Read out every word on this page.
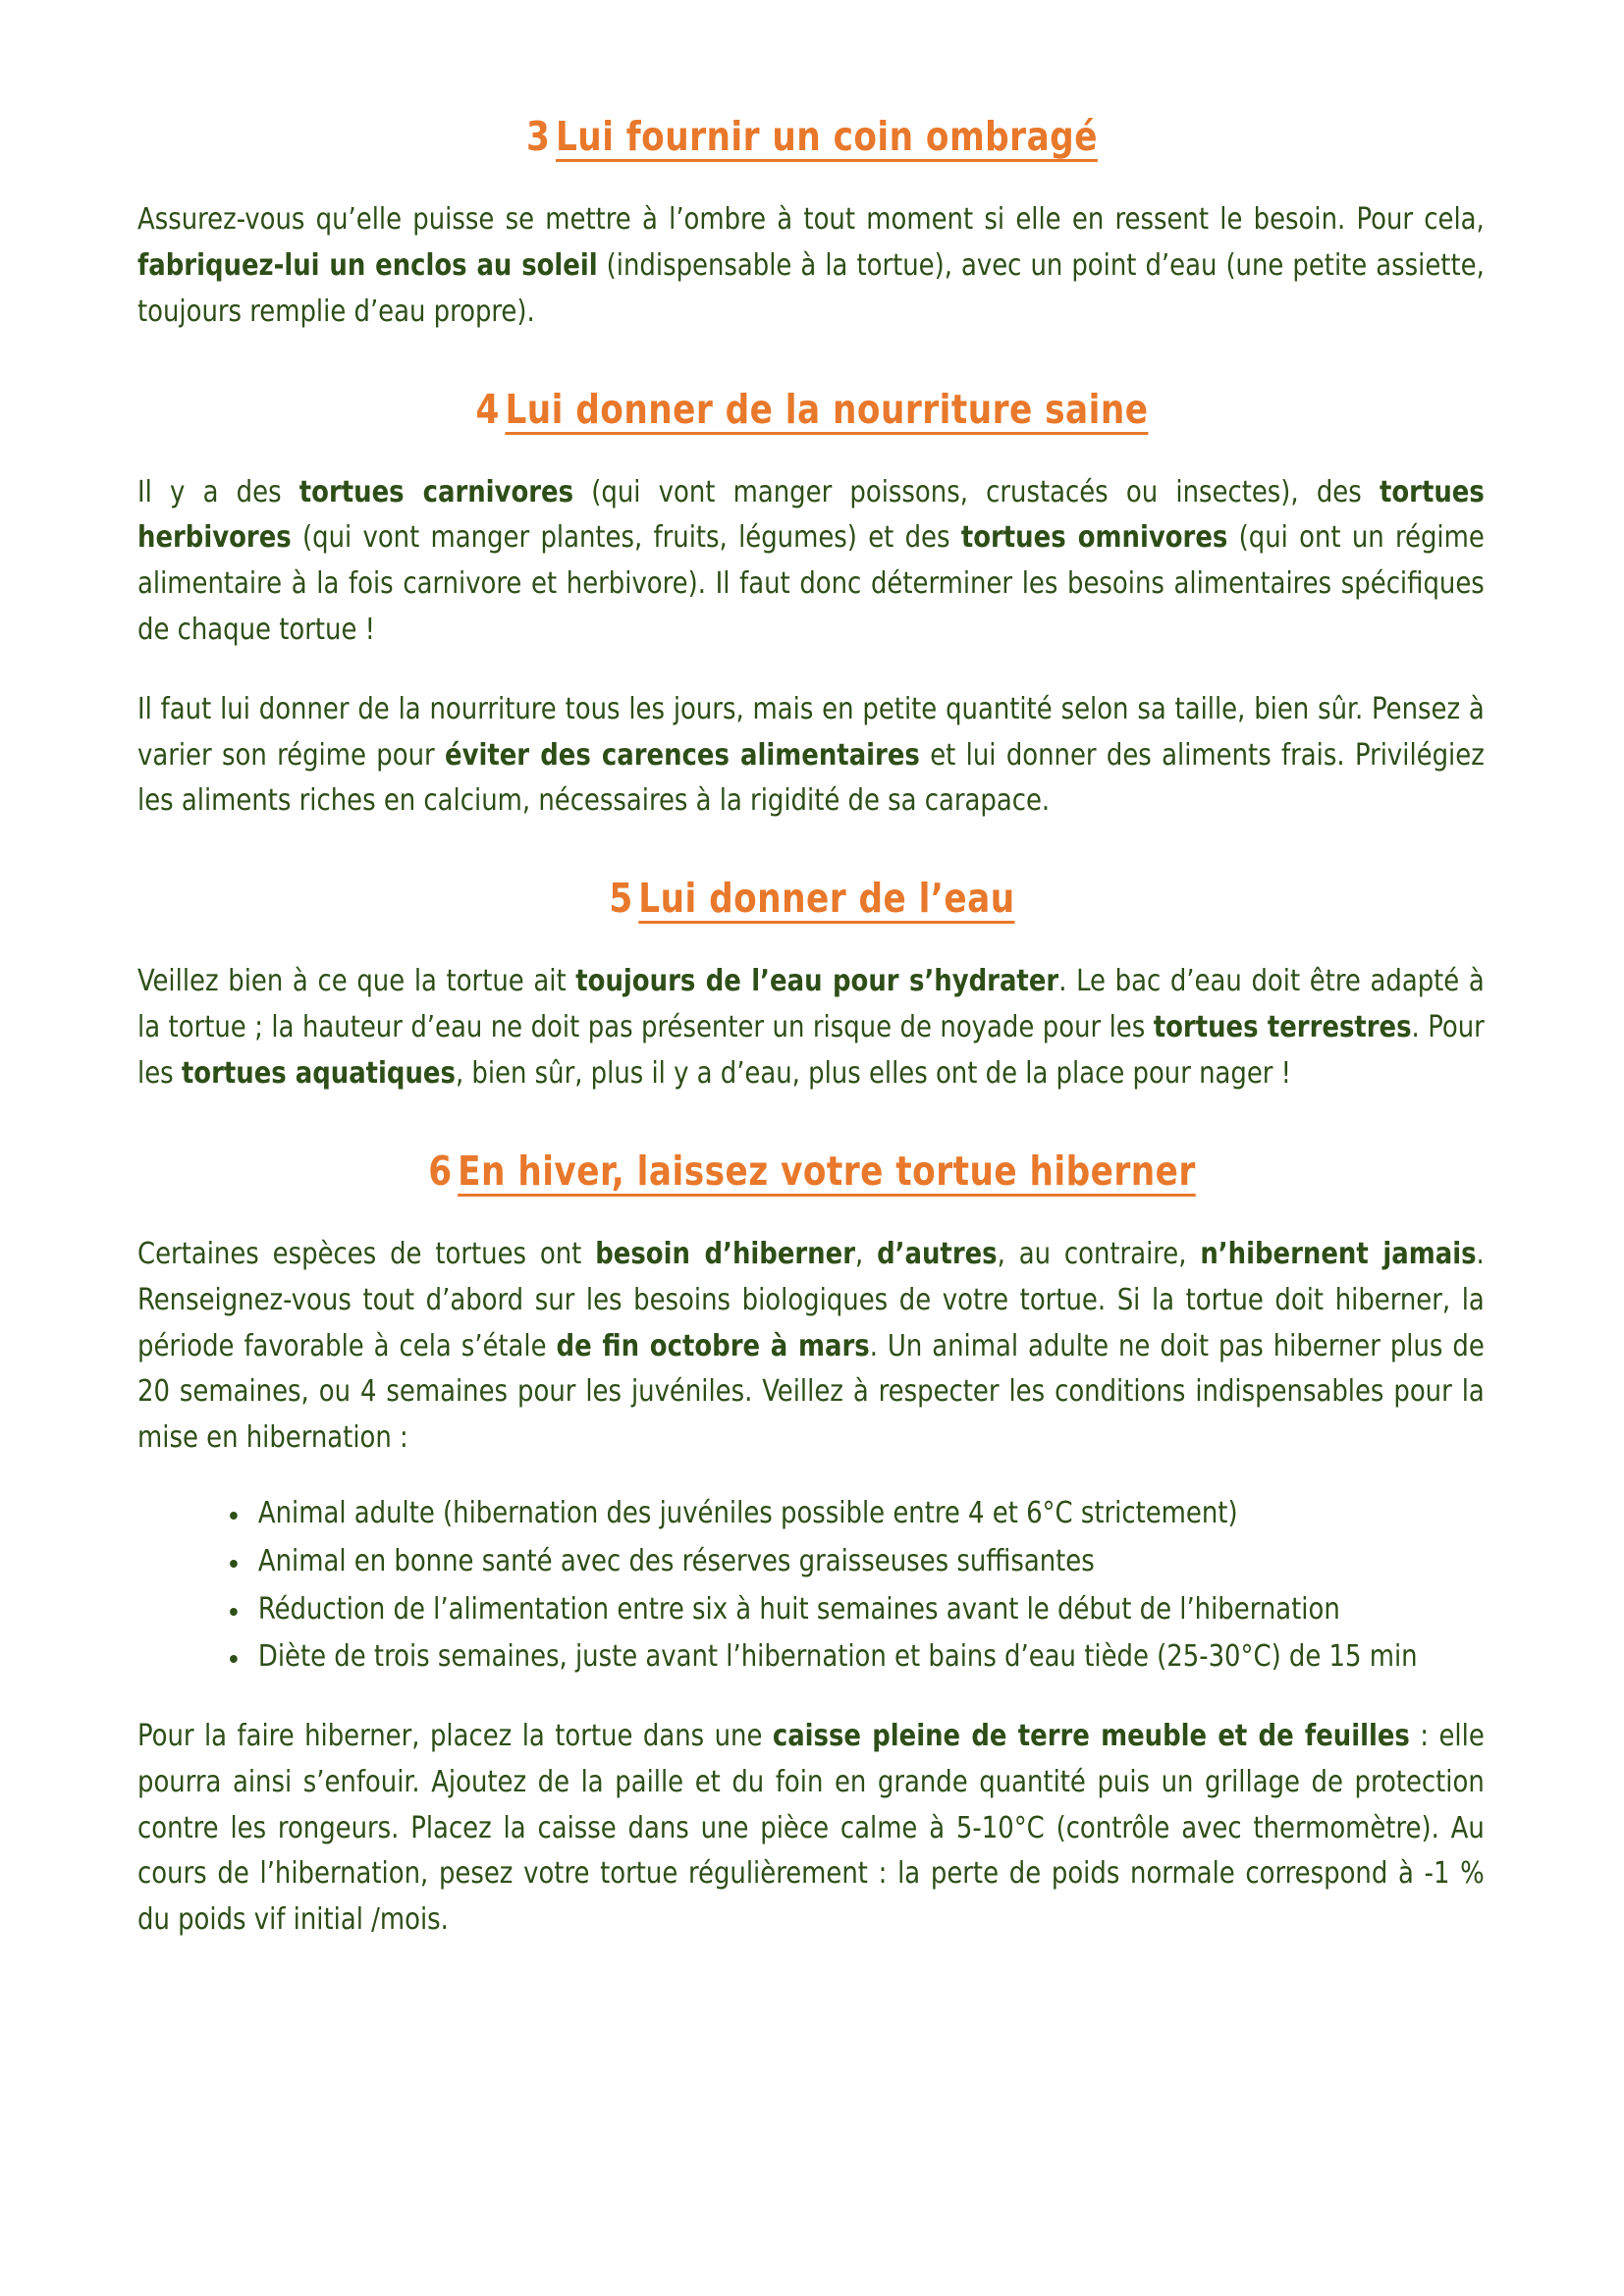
3 Lui fournir un coin ombragé

Assurez-vous qu’elle puisse se mettre à l’ombre à tout moment si elle en ressent le besoin. Pour cela, fabriquez-lui un enclos au soleil (indispensable à la tortue), avec un point d’eau (une petite assiette, toujours remplie d’eau propre).

4 Lui donner de la nourriture saine

Il y a des tortues carnivores (qui vont manger poissons, crustacés ou insectes), des tortues herbivores (qui vont manger plantes, fruits, légumes) et des tortues omnivores (qui ont un régime alimentaire à la fois carnivore et herbivore). Il faut donc déterminer les besoins alimentaires spécifiques de chaque tortue !

Il faut lui donner de la nourriture tous les jours, mais en petite quantité selon sa taille, bien sûr. Pensez à varier son régime pour éviter des carences alimentaires et lui donner des aliments frais. Privilégiez les aliments riches en calcium, nécessaires à la rigidité de sa carapace.

5 Lui donner de l’eau

Veillez bien à ce que la tortue ait toujours de l’eau pour s’hydrater. Le bac d’eau doit être adapté à la tortue ; la hauteur d’eau ne doit pas présenter un risque de noyade pour les tortues terrestres. Pour les tortues aquatiques, bien sûr, plus il y a d’eau, plus elles ont de la place pour nager !

6 En hiver, laissez votre tortue hiberner

Certaines espèces de tortues ont besoin d’hiberner, d’autres, au contraire, n’hibernent jamais. Renseignez-vous tout d’abord sur les besoins biologiques de votre tortue. Si la tortue doit hiberner, la période favorable à cela s’étale de fin octobre à mars. Un animal adulte ne doit pas hiberner plus de 20 semaines, ou 4 semaines pour les juvéniles. Veillez à respecter les conditions indispensables pour la mise en hibernation :

Animal adulte (hibernation des juvéniles possible entre 4 et 6°C strictement)
Animal en bonne santé avec des réserves graisseuses suffisantes
Réduction de l’alimentation entre six à huit semaines avant le début de l’hibernation
Diète de trois semaines, juste avant l’hibernation et bains d’eau tiède (25-30°C) de 15 min

Pour la faire hiberner, placez la tortue dans une caisse pleine de terre meuble et de feuilles : elle pourra ainsi s’enfouir. Ajoutez de la paille et du foin en grande quantité puis un grillage de protection contre les rongeurs. Placez la caisse dans une pièce calme à 5-10°C (contrôle avec thermomètre). Au cours de l’hibernation, pesez votre tortue régulièrement : la perte de poids normale correspond à -1 % du poids vif initial /mois.
